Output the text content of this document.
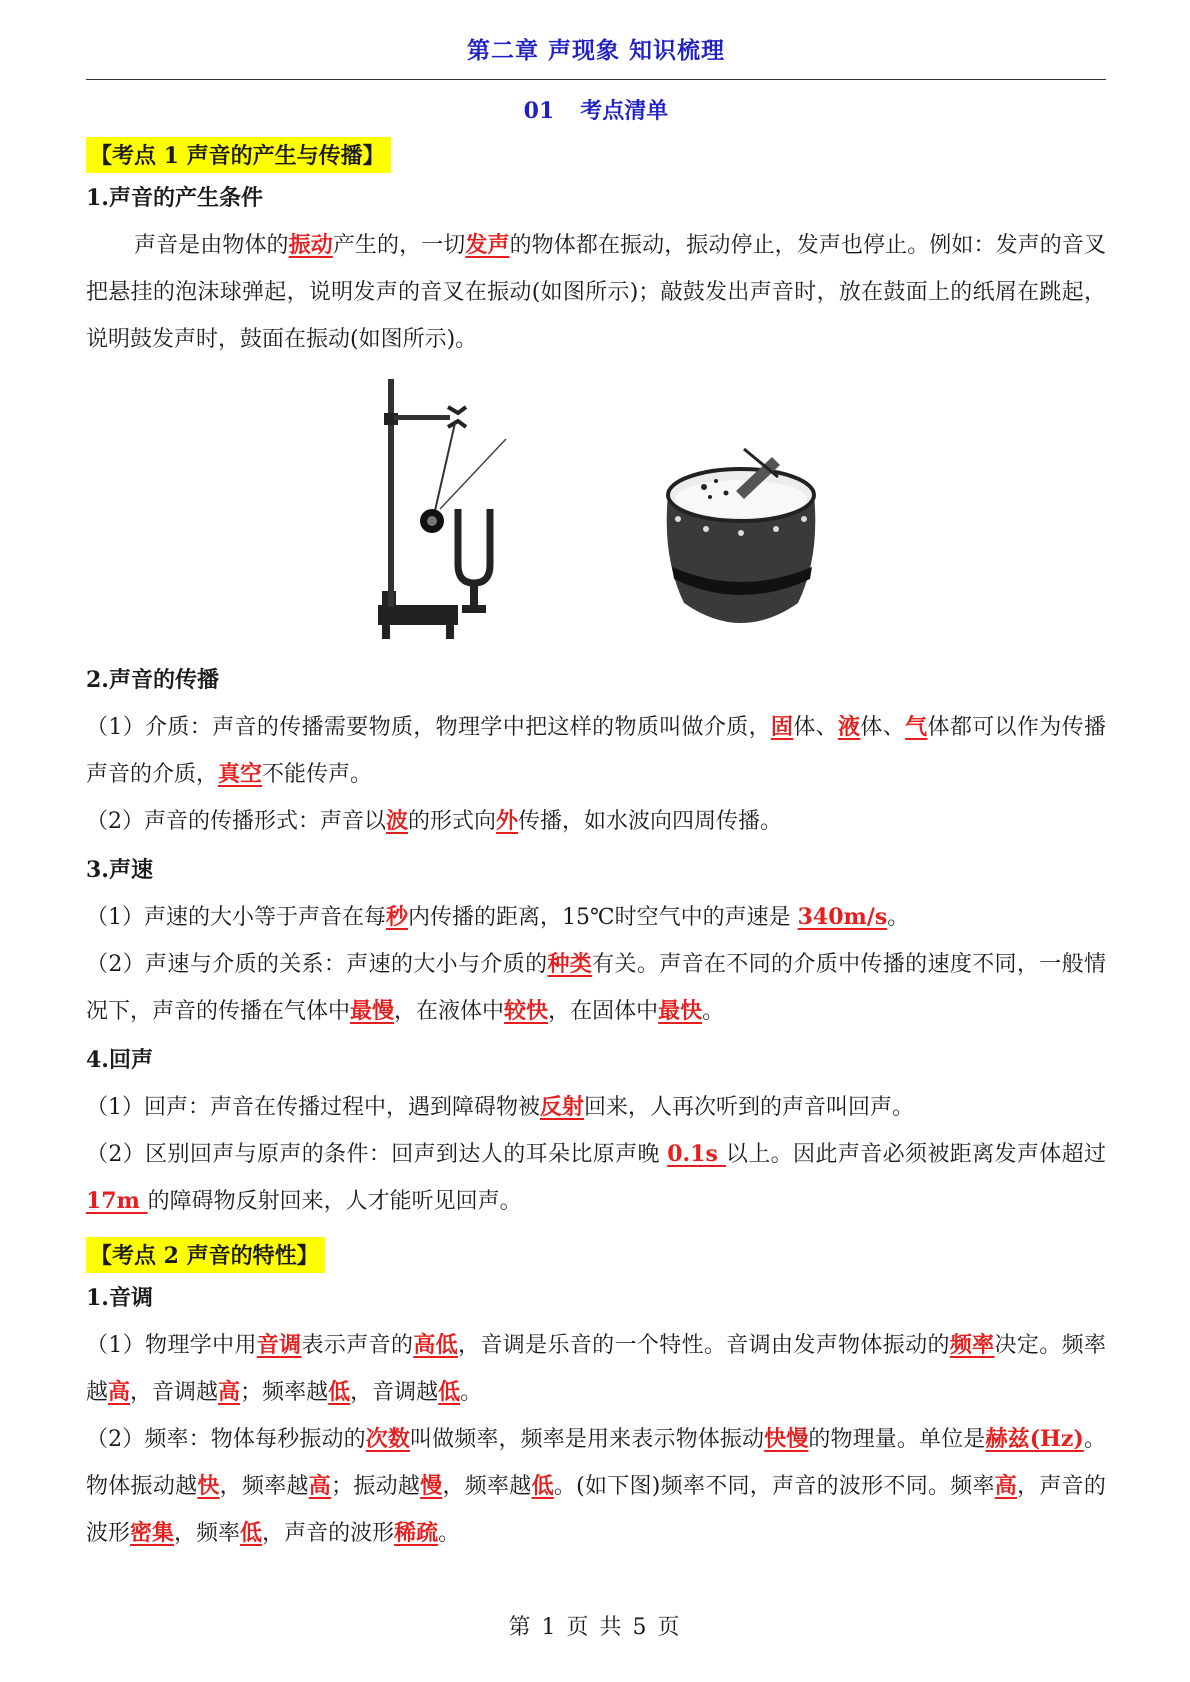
第二章 声现象 知识梳理
01 考点清单
【考点 1 声音的产生与传播】
1.声音的产生条件

声音是由物体的振动产生的，一切发声的物体都在振动，振动停止，发声也停止。例如：发声的音叉把悬挂的泡沫球弹起，说明发声的音叉在振动(如图所示)；敲鼓发出声音时，放在鼓面上的纸屑在跳起，说明鼓发声时，鼓面在振动(如图所示)。

2.声音的传播

（1）介质：声音的传播需要物质，物理学中把这样的物质叫做介质，固体、液体、气体都可以作为传播声音的介质，真空不能传声。

（2）声音的传播形式：声音以波的形式向外传播，如水波向四周传播。

3.声速

（1）声速的大小等于声音在每秒内传播的距离，15℃时空气中的声速是 340m/s。

（2）声速与介质的关系：声速的大小与介质的种类有关。声音在不同的介质中传播的速度不同，一般情况下，声音的传播在气体中最慢，在液体中较快，在固体中最快。

4.回声

（1）回声：声音在传播过程中，遇到障碍物被反射回来，人再次听到的声音叫回声。

（2）区别回声与原声的条件：回声到达人的耳朵比原声晚 0.1s 以上。因此声音必须被距离发声体超过 17m 的障碍物反射回来，人才能听见回声。

【考点 2 声音的特性】
1.音调

（1）物理学中用音调表示声音的高低，音调是乐音的一个特性。音调由发声物体振动的频率决定。频率越高，音调越高；频率越低，音调越低。

（2）频率：物体每秒振动的次数叫做频率，频率是用来表示物体振动快慢的物理量。单位是赫兹(Hz)。物体振动越快，频率越高；振动越慢，频率越低。(如下图)频率不同，声音的波形不同。频率高，声音的波形密集，频率低，声音的波形稀疏。

第 1 页 共 5 页
